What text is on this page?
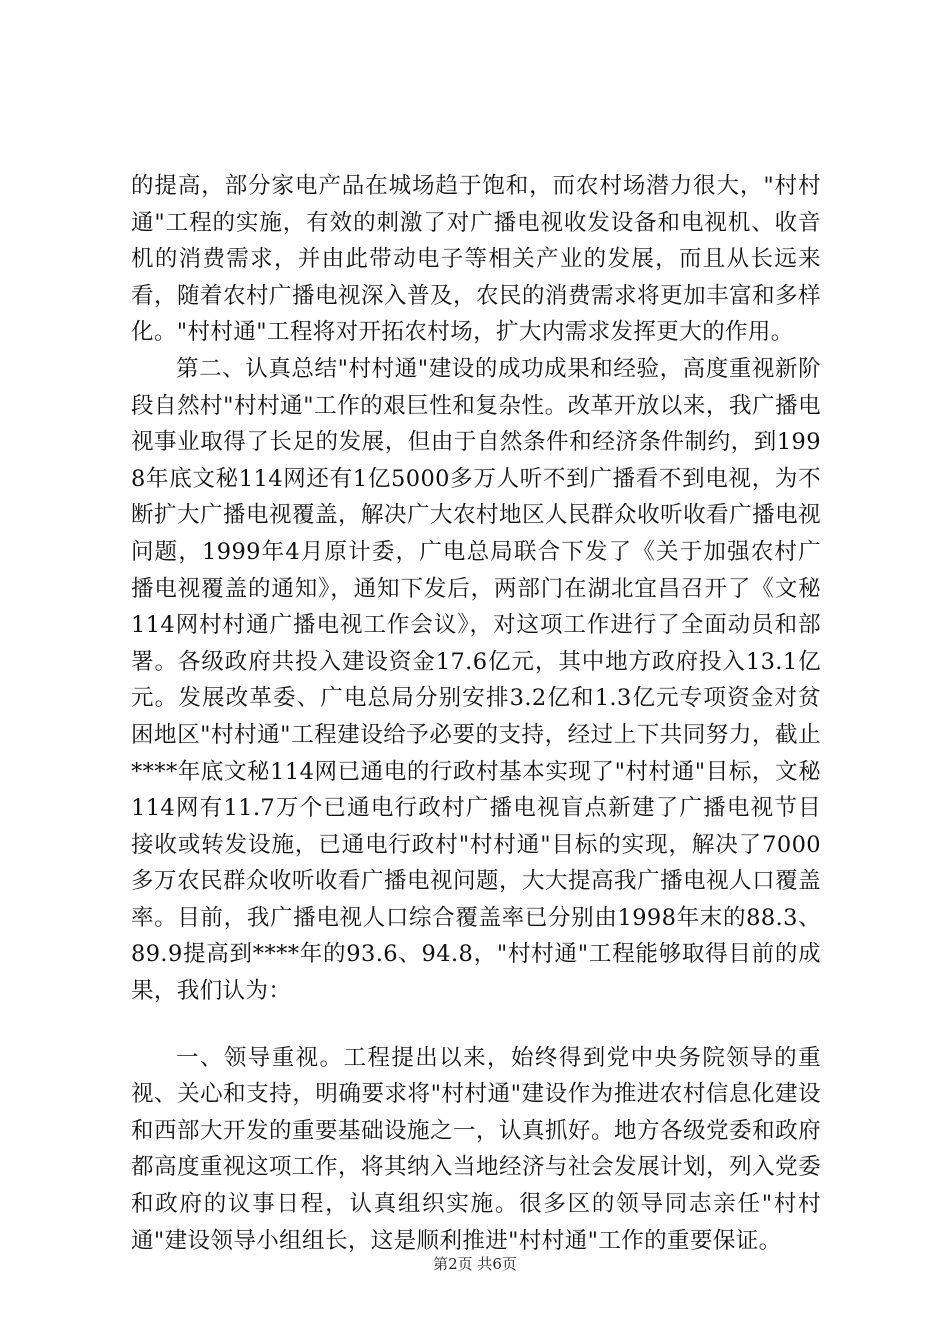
的提高，部分家电产品在城场趋于饱和，而农村场潜力很大，"村村通"工程的实施，有效的刺激了对广播电视收发设备和电视机、收音机的消费需求，并由此带动电子等相关产业的发展，而且从长远来看，随着农村广播电视深入普及，农民的消费需求将更加丰富和多样化。"村村通"工程将对开拓农村场，扩大内需求发挥更大的作用。

第二、认真总结"村村通"建设的成功成果和经验，高度重视新阶段自然村"村村通"工作的艰巨性和复杂性。改革开放以来，我广播电视事业取得了长足的发展，但由于自然条件和经济条件制约，到1998年底文秘114网还有1亿5000多万人听不到广播看不到电视，为不断扩大广播电视覆盖，解决广大农村地区人民群众收听收看广播电视问题，1999年4月原计委，广电总局联合下发了《关于加强农村广播电视覆盖的通知》，通知下发后，两部门在湖北宜昌召开了《文秘114网村村通广播电视工作会议》，对这项工作进行了全面动员和部署。各级政府共投入建设资金17.6亿元，其中地方政府投入13.1亿元。发展改革委、广电总局分别安排3.2亿和1.3亿元专项资金对贫困地区"村村通"工程建设给予必要的支持，经过上下共同努力，截止****年底文秘114网已通电的行政村基本实现了"村村通"目标，文秘114网有11.7万个已通电行政村广播电视盲点新建了广播电视节目接收或转发设施，已通电行政村"村村通"目标的实现，解决了7000多万农民群众收听收看广播电视问题，大大提高我广播电视人口覆盖率。目前，我广播电视人口综合覆盖率已分别由1998年末的88.3、89.9提高到****年的93.6、94.8，"村村通"工程能够取得目前的成果，我们认为：

一、领导重视。工程提出以来，始终得到党中央务院领导的重视、关心和支持，明确要求将"村村通"建设作为推进农村信息化建设和西部大开发的重要基础设施之一，认真抓好。地方各级党委和政府都高度重视这项工作，将其纳入当地经济与社会发展计划，列入党委和政府的议事日程，认真组织实施。很多区的领导同志亲任"村村通"建设领导小组组长，这是顺利推进"村村通"工作的重要保证。

第2页 共6页
